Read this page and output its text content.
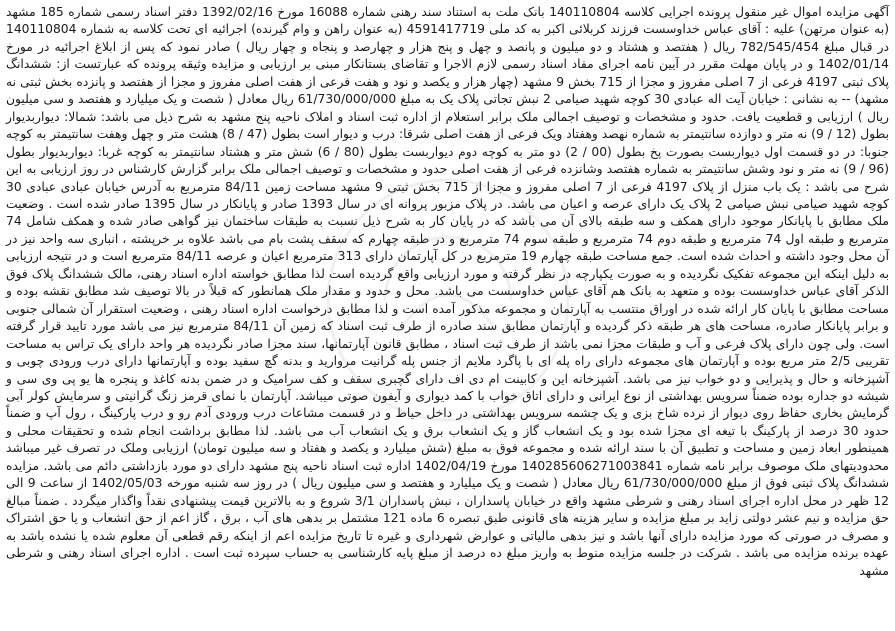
آگهی مزایده اموال غیر منقول پرونده اجرایی کلاسه 140110804 بانک ملت به استناد سند رهنی شماره 16088 مورخ 1392/02/16 دفتر اسناد رسمی شماره 185 مشهد (به عنوان مرتهن) علیه : آقای عباس خداوسست فرزند کربلائی اکبر به کد ملی 4591417719 (به عنوان راهن و وام گیرنده) اجرائیه ای تحت کلاسه به شماره 140110804 در قبال مبلغ 782/545/454 ریال ( هفتصد و هشتاد و دو میلیون و پانصد و چهل و پنج هزار و چهارصد و پنجاه و چهار ریال ) صادر نمود که پس از ابلاغ اجرائیه در مورخ 1402/01/14 و در پایان مهلت مقرر در آیین نامه اجرای مفاد اسناد رسمی لازم الاجرا و تقاضای بستانکار مبنی بر ارزیابی و مزایده وثیقه پرونده که عبارتست از: ششدانگ پلاک ثبتی 4197 فرعی از 7 اصلی مفروز و مجزا از 715 بخش 9 مشهد (چهار هزار و یکصد و نود و هفت فرعی از هفت اصلی مفروز و مجزا از هفتصد و پانزده بخش ثبتی نه مشهد) -- به نشانی : خیابان آیت اله عبادی 30 کوچه شهید صیامی 2 نبش تجاتی پلاک یک به مبلغ 61/730/000/000 ریال معادل ( شصت و یک میلیارد و هفتصد و سی میلیون ریال ) ارزیابی و قطعیت یافت. حدود و مشخصات و توصیف اجمالی ملک برابر استعلام از اداره ثبت اسناد و املاک ناحیه پنج مشهد به شرح ذیل می باشد: شمالا: دیواربدیوار بطول (12 / 9) نه متر و دوازده سانتیمتر به شماره نهصد وهفتاد ویک فرعی از هفت اصلی شرقا: درب و دیوار است بطول (47 / 8) هشت متر و چهل وهفت سانتیمتر به کوچه جنوبا: در دو قسمت اول دیواربست بصورت پخ بطول (00 / 2) دو متر به کوچه دوم دیواربست بطول (80 / 6) شش متر و هشتاد سانتیمتر به کوچه غربا: دیواربدیوار بطول (96 / 9) نه متر و نود وشش سانتیمتر به شماره هفتصد وشانزده فرعی از هفت اصلی حدود و مشخصات و توصیف اجمالی ملک برابر گزارش کارشناس در روز ارزیابی به این شرح می باشد : یک باب منزل از پلاک 4197 فرعی از 7 اصلی مفروز و مجزا از 715 بخش ثبتی 9 مشهد مساحت زمین 84/11 مترمربع به آدرس خیابان عبادی عبادی 30 کوچه شهید صیامی نبش صیامی 2 پلاک یک دارای عرصه و اعیان می باشد. در پلاک مزبور پروانه ای در سال 1393 صادر و پایانکار در سال 1395 صادر شده است . وضعیت ملک مطابق با پایانکار موجود دارای همکف و سه طبقه بالای آن می باشد که در پایان کار به شرح ذیل نسبت به طبقات ساختمان نیز گواهی صادر شده و همکف شامل 74 مترمربع و طبقه اول 74 مترمربع و طبقه دوم 74 مترمربع و طبقه سوم 74 مترمربع و در طبقه چهارم که سقف پشت بام می باشد علاوه بر خرپشته ، انباری سه واحد نیز در آن محل وجود داشته و احداث شده است. جمع مساحت طبقه چهارم 19 مترمربع در کل آپارتمان دارای 313 مترمربع اعیان و عرصه 84/11 مترمربع است و در نتیجه ارزیابی به دلیل اینکه این مجموعه تفکیک نگردیده و به صورت یکپارچه در نظر گرفته و مورد ارزیابی واقع گردیده است لذا مطابق خواسته اداره اسناد رهنی، مالک ششدانگ پلاک فوق الذکر آقای عباس خداوسست بوده و متعهد به بانک هم آقای عباس خداوسست می باشد. محل و حدود و مقدار ملک همانطور که قبلاً در بالا توصیف شد مطابق نقشه بوده و مساحت مطابق با پایان کار ارائه شده در اوراق منتسب به آپارتمان و مجموعه مذکور آمده است و لذا مطابق درخواست اداره اسناد رهنی ، وضعیت استقرار آن شمالی جنوبی و برابر پایانکار صادره، مساحت های هر طبقه ذکر گردیده و آپارتمان مطابق سند صادره از طرف ثبت اسناد که زمین آن 84/11 مترمربع نیز می باشد مورد تایید قرار گرفته است. ولی چون دارای پلاک فرعی و آب و طبقات مجزا نمی باشد از طرف ثبت اسناد ، مطابق قانون آپارتمانها، سند مجزا صادر نگردیده هر واحد دارای یک تراس به مساحت تقریبی 2/5 متر مربع بوده و آپارتمان های مجموعه دارای راه پله ای با پاگرد ملایم از جنس پله گرانیت مروارید و بدنه گچ سفید بوده و آپارتمانها دارای درب ورودی چوبی و آشپزخانه و حال و پذیرایی و دو خواب نیز می باشد. آشپزخانه این و کابینت ام دی اف دارای گچبری سقف و کف سرامیک و در ضمن بدنه کاغذ و پنجره ها یو پی وی سی و شیشه دو جداره بوده ضمناً سرویس بهداشتی از نوع ایرانی و دارای اتاق خواب با کمد دیواری و آیفون صوتی میباشد. آپارتمان با نمای قرمز زنگ گرانیتی و سرمایش کولر آبی گرمایش بخاری حفاظ روی دیوار از نرده شاخ بزی و یک چشمه سرویس بهداشتی در داخل حیاط و در قسمت مشاعات درب ورودی آدم رو و درب پارکینگ ، رول آپ و ضمناً حدود 30 درصد از پارکینگ با تیغه ای مجزا شده بود و یک انشعاب گاز و یک انشعاب برق و یک انشعاب آب می باشد. لذا مطابق برداشت انجام شده و تحقیقات محلی و همینطور ابعاد زمین و مساحت و تطبیق آن با سند ارائه شده و مجموعه فوق به مبلغ (شش میلیارد و یکصد و هفتاد و سه میلیون تومان) ارزیابی وملک در تصرف غیر میباشد محدودیتهای ملک موصوف برابر نامه شماره 140285606271003841 مورخ 1402/04/19 اداره ثبت اسناد ناحیه پنج مشهد دارای دو مورد بازداشتی دائم می باشد. مزایده ششدانگ پلاک ثبتی فوق از مبلغ 61/730/000/000 ریال معادل ( شصت و یک میلیارد و هفتصد و سی میلیون ریال ) در روز سه شنبه مورخه 1402/05/03 از ساعت 9 الی 12 ظهر در محل اداره اجرای اسناد رهنی و شرطی مشهد واقع در خیابان پاسداران ، نبش پاسداران 3/1 شروع و به بالاترین قیمت پیشنهادی نقداً واگذار میگردد . ضمناً مبالغ حق مزایده و نیم عشر دولتی زاید بر مبلغ مزایده و سایر هزینه های قانونی طبق تبصره 6 ماده 121 مشتمل بر بدهی های آب ، برق ، گاز اعم از حق انشعاب و یا حق اشتراک و مصرف در صورتی که مورد مزایده دارای آنها باشد و نیز بدهی مالیاتی و عوارض شهرداری و غیره تا تاریخ مزایده اعم از اینکه رقم قطعی آن معلوم شده یا نشده باشد به عهده برنده مزایده می باشد . شرکت در جلسه مزایده منوط به واریز مبلغ ده درصد از مبلغ پایه کارشناسی به حساب سپرده ثبت است . اداره اجرای اسناد رهنی و شرطی مشهد
